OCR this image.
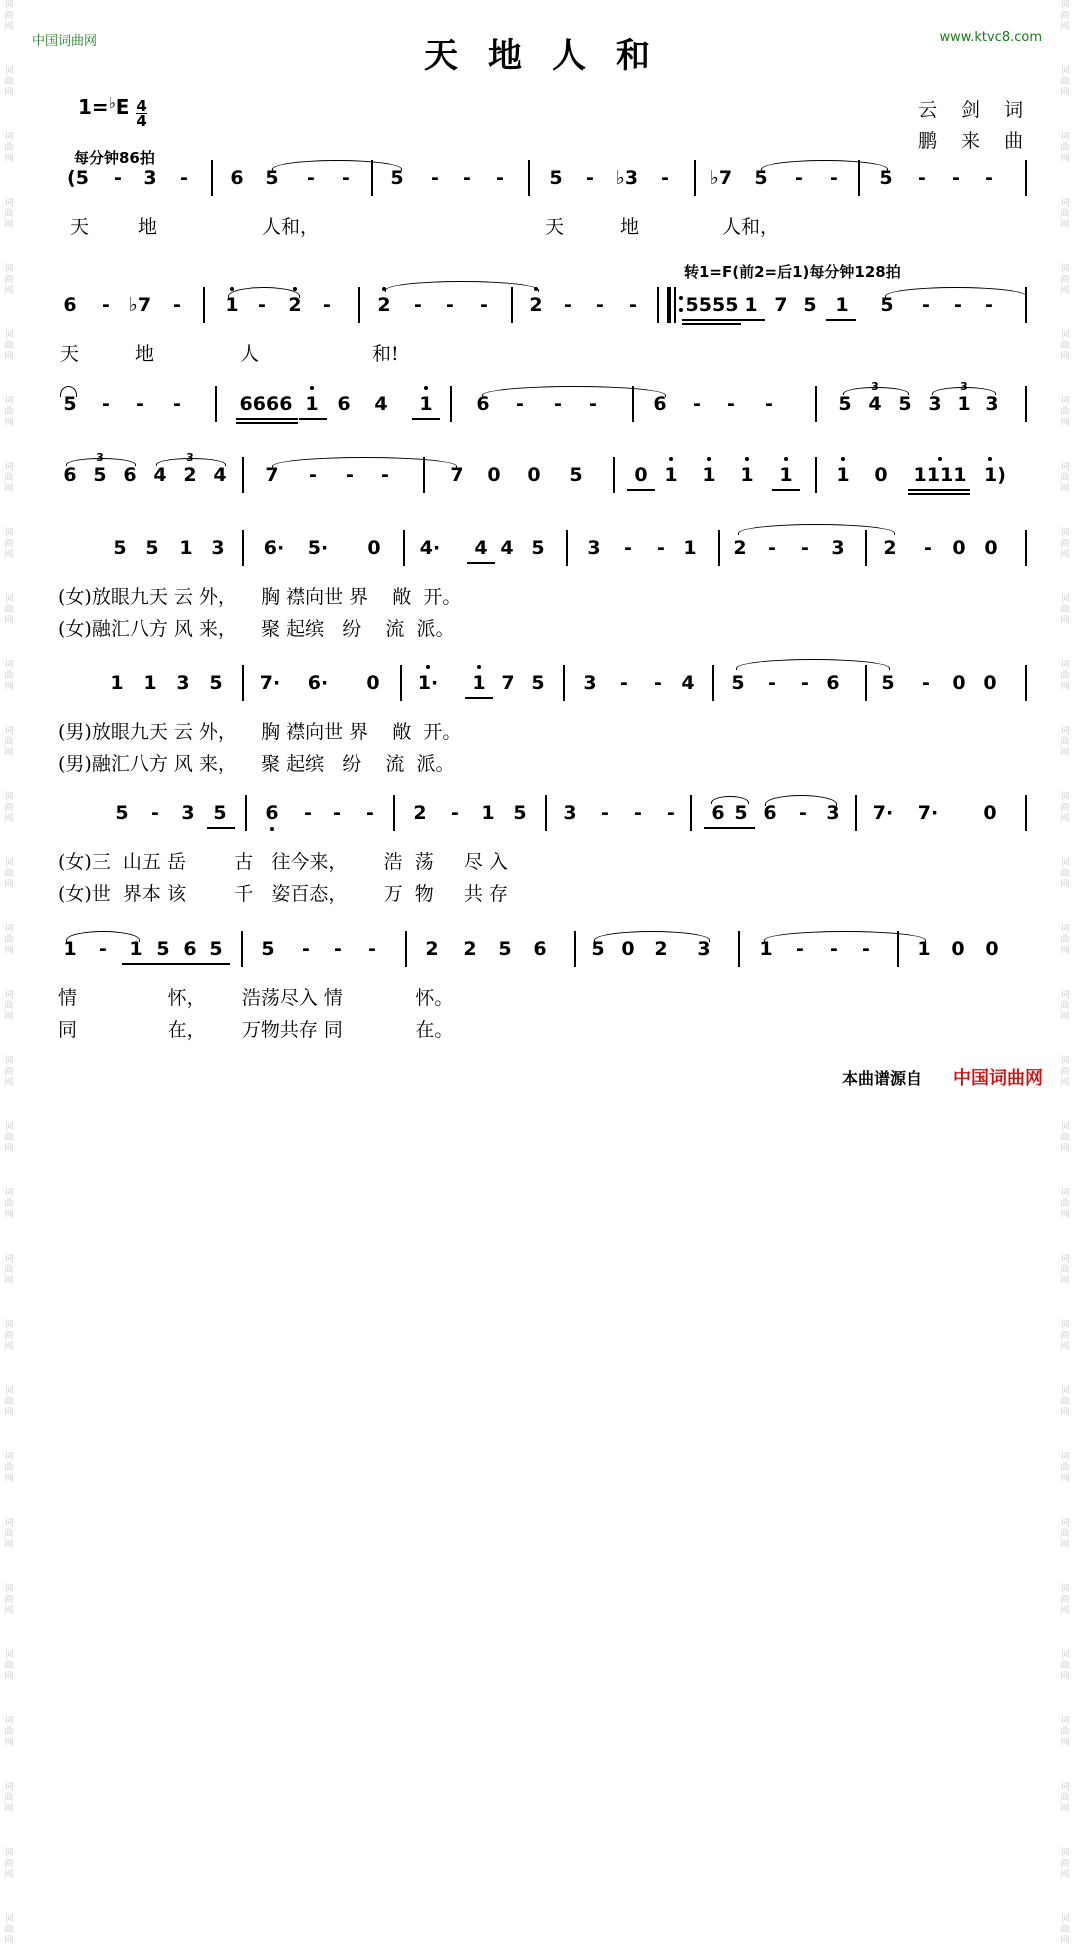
词
曲
网

词
曲
网

词
曲
网

词
曲
网

词
曲
网

词
曲
网

词
曲
网

词
曲
网

词
曲
网

词
曲
网

词
曲
网

词
曲
网

词
曲
网

词
曲
网

词
曲
网

词
曲
网

词
曲
网

词
曲
网

词
曲
网

词
曲
网

词
曲
网

词
曲
网

词
曲
网

词
曲
网

词
曲
网

词
曲
网

词
曲
网

词
曲
网

词
曲
网

词
曲
网

词
曲
网

词
曲
网

词
曲
网

词
曲
网

词
曲
网

词
曲
网

词
曲
网

词
曲
网

词
曲
网

词
曲
网

词
曲
网

词
曲
网

词
曲
网

词
曲
网

词
曲
网

词
曲
网

词
曲
网

词
曲
网

词
曲
网

词
曲
网

词
曲
网

词
曲
网

词
曲
网

词
曲
网

词
曲
网

词
曲
网

词
曲
网

词
曲
网

词
曲
网

词
曲
网

中国词曲网	www.ktvc8.com
天地人和
云 剑 词
鹏 来 曲
$1=^♭E \frac{4}{4}$
每分钟86拍
转1=F(前2=后1)每分钟128拍
(5 - 3 - 6 5 - - 5 - - - 5 - ♭3 - ♭7 5 - - 5 - - -
天	地	人和，	天	地	人和，
6 - ♭7 - 1 - 2 - 2 - - - 2 - - -	5555 1 7 5 1 5 - - -
天	地	人	和!
5 - - -	6666 1 6 4 1 6 - - -	6 - - -	5 4 5 3 1 3
3	3
6 5 6 4 2 4 7 - - -	7 0 0 5	0 1 1 1 1 1 0 1111 1)
3	3
5 5 1 3 6· 5· 0 4· 4 4 5 3 - - 1 2 - - 3 2 - 0 0
(女)放眼九天 云 外，    胸 襟向世 界    敞  开。
(女)融汇八方 风 来，    聚 起缤   纷    流  派。
1 1 3 5 7· 6· 0 1· 1 7 5 3 - - 4 5 - - 6 5 - 0 0
(男)放眼九天 云 外，    胸 襟向世 界    敞  开。
(男)融汇八方 风 来，    聚 起缤   纷    流  派。
5 - 3 5 6 - - - 2 - 1 5 3 - - - 6 5 6 - 3 7· 7· 0
(女)三  山五 岳        古   往今来，      浩  荡     尽 入
(女)世  界本 该        千   姿百态，      万  物     共 存
1 - 1 5 6 5 5 - - -	2 2 5 6 5 0 2 3	1 - - - 1 0 0
情               怀，      浩荡尽入 情            怀。
同               在，      万物共存 同            在。
本曲谱源自 中国词曲网
